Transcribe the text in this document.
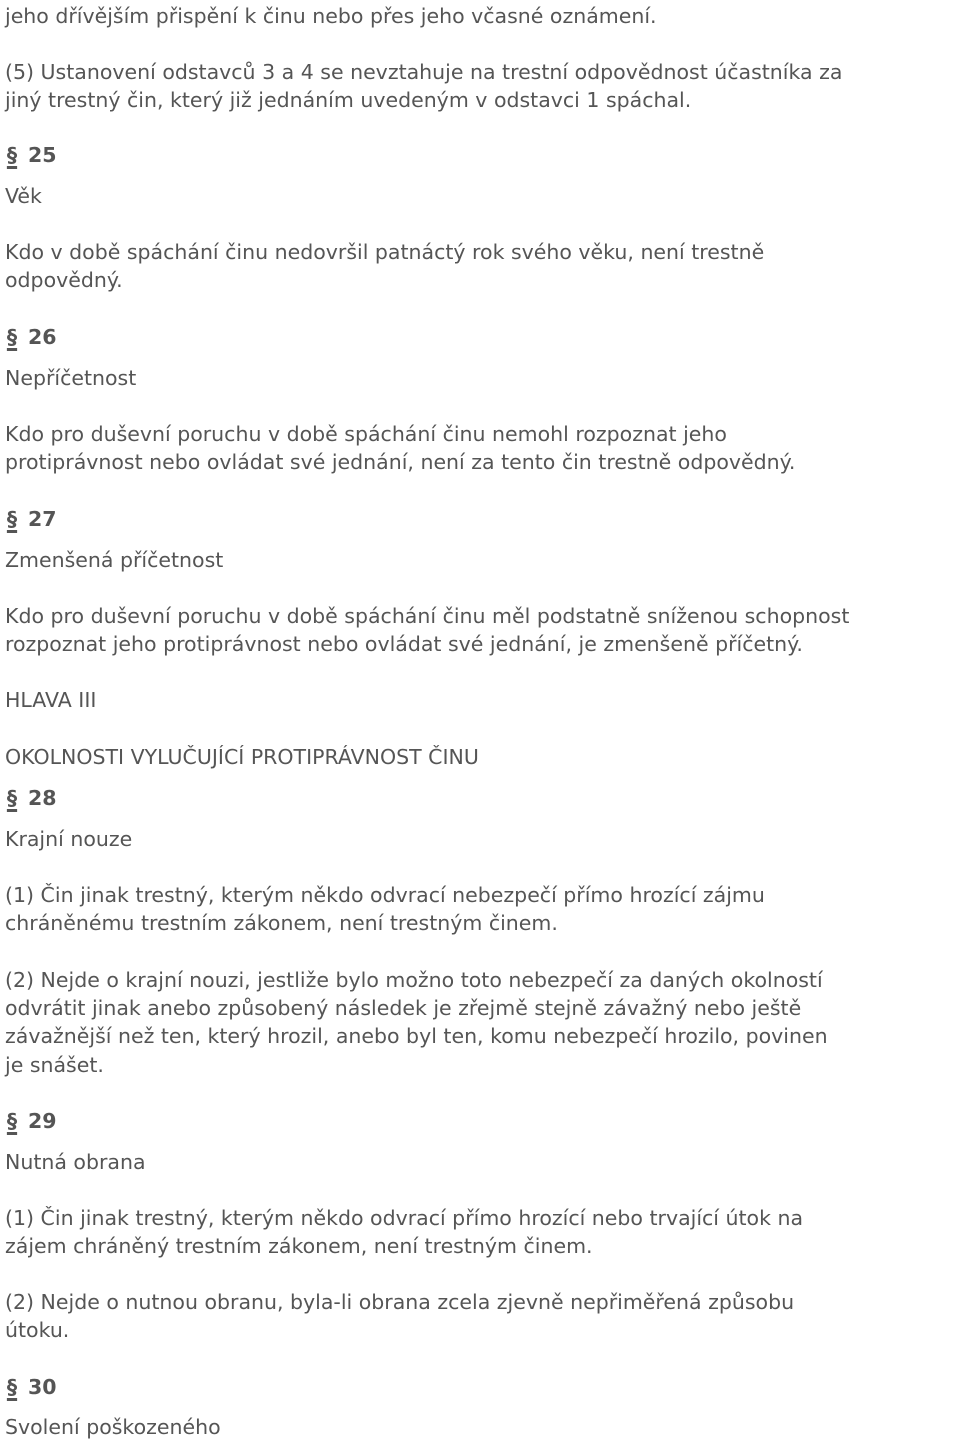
jeho dřívějším přispění k činu nebo přes jeho včasné oznámení.
(5) Ustanovení odstavců 3 a 4 se nevztahuje na trestní odpovědnost účastníka za
jiný trestný čin, který již jednáním uvedeným v odstavci 1 spáchal.
§ 25
Věk
Kdo v době spáchání činu nedovršil patnáctý rok svého věku, není trestně
odpovědný.
§ 26
Nepříčetnost
Kdo pro duševní poruchu v době spáchání činu nemohl rozpoznat jeho
protiprávnost nebo ovládat své jednání, není za tento čin trestně odpovědný.
§ 27
Zmenšená příčetnost
Kdo pro duševní poruchu v době spáchání činu měl podstatně sníženou schopnost
rozpoznat jeho protiprávnost nebo ovládat své jednání, je zmenšeně příčetný.
HLAVA III
OKOLNOSTI VYLUČUJÍCÍ PROTIPRÁVNOST ČINU
§ 28
Krajní nouze
(1) Čin jinak trestný, kterým někdo odvrací nebezpečí přímo hrozící zájmu
chráněnému trestním zákonem, není trestným činem.
(2) Nejde o krajní nouzi, jestliže bylo možno toto nebezpečí za daných okolností
odvrátit jinak anebo způsobený následek je zřejmě stejně závažný nebo ještě
závažnější než ten, který hrozil, anebo byl ten, komu nebezpečí hrozilo, povinen
je snášet.
§ 29
Nutná obrana
(1) Čin jinak trestný, kterým někdo odvrací přímo hrozící nebo trvající útok na
zájem chráněný trestním zákonem, není trestným činem.
(2) Nejde o nutnou obranu, byla-li obrana zcela zjevně nepřiměřená způsobu
útoku.
§ 30
Svolení poškozeného
